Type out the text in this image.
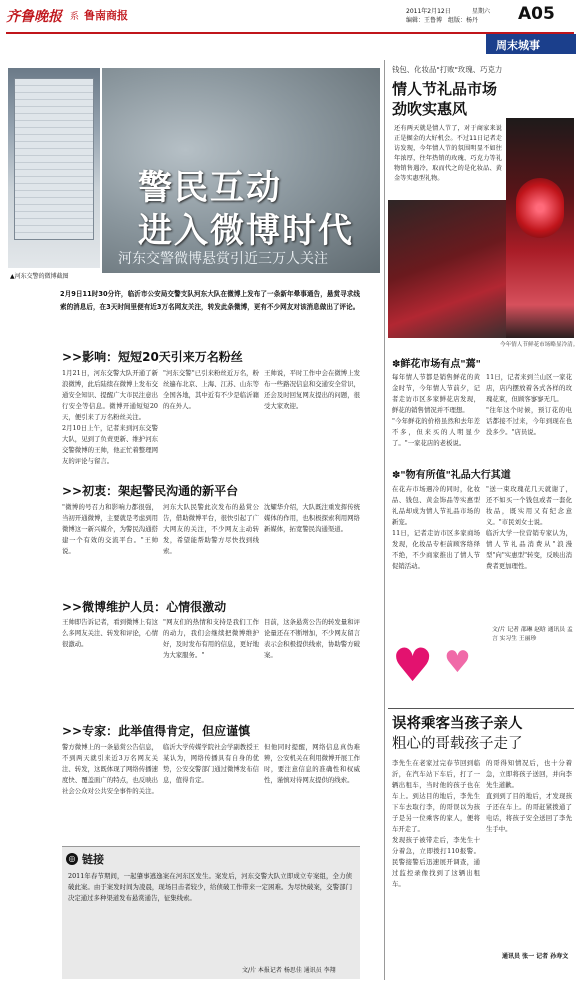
齐鲁晚报 系 鲁南商报	2011年2月12日	星期六
编辑：王鲁博　组版：杨丹 A05
周末城事
▲河东交警的微博截图
警民互动
进入微博时代
河东交警微博悬赏引近三万人关注
2月9日11时30分许，临沂市公安局交警支队河东大队在微博上发布了一条新年晕事通告，悬赏寻求线索的消息后，在3天时间里便有近3万名网友关注，转发此条微博，更有不少网友对该消息做出了评论。
>>影响：短短20天引来万名粉丝
1月21日，河东交警大队开通了新浪微博，此后陆续在微博上发布交通安全知识、提醒广大市民注意出行安全等信息。微博开通短短20天，便引来了万名粉丝关注。
2月10日上午，记者来到河东交警大队，见到了负责更新、维护河东交警微博的王帅，他正忙着整理网友的评论与留言。
"河东交警"已引来粉丝近万名，粉丝遍布北京、上海、江苏、山东等全国各地，其中近有不少是临沂籍的在外人。
王帅说，平时工作中会在微博上发布一些路况信息和交通安全常识，还会及时回复网友提出的问题，很受大家欢迎。
>>初衷：架起警民沟通的新平台
"微博的号召力和影响力都很强，当初开通微博，主要就是考虑到用微博这一新兴媒介，为警民沟通搭建一个有效的交流平台。"王帅说。
河东大队民警此次发布的悬赏公告，借助微博平台，很快引起了广大网友的关注，不少网友主动转发，希望能帮助警方尽快找到线索。
沈耀华介绍，大队既注重发挥传统媒体的作用，也积极探索利用网络新媒体，拓宽警民沟通渠道。
>>微博维护人员：心情很激动
王帅即告诉记者，看到微博上有这么多网友关注、转发和评论，心情很激动。
"网友们的热情和支持是我们工作的动力，我们会继续把微博维护好，及时发布有用的信息，更好地为大家服务。"
目前，这条悬赏公告的转发量和评论量还在不断增加，不少网友留言表示会积极提供线索，协助警方破案。
>>专家：此举值得肯定，但应谨慎
警方微博上的一条悬赏公告信息，不到两天就引来近3万名网友关注、转发，这既体现了网络传播速度快、覆盖面广的特点，也反映出社会公众对公共安全事件的关注。
临沂大学传媒学院社会学副教授王某认为，网络传播具有自身的优势，公安交警部门通过微博发布信息，值得肯定。
但他同时提醒，网络信息真伪难辨，公安机关在利用微博开展工作时，要注意信息的准确性和权威性，谨慎对待网友提供的线索。
◎ 链接
2011年春节期间，一起肇事逃逸案在河东区发生。案发后，河东交警大队立即成立专案组，全力侦破此案。由于案发时间为凌晨，现场目击者较少，给侦破工作带来一定困难。为尽快破案，交警部门决定通过多种渠道发布悬赏通告，征集线索。
文/片 本报记者 杨思佳 通讯员 李翔
钱包、化妆品"打败"玫瑰、巧克力
情人节礼品市场
劲吹实惠风
还有两天就是情人节了，对于商家来说正是掘金的大好机会。不过11日记者走访发现，今年情人节的氛围明显不如往年浓厚，往年热销的玫瑰、巧克力等礼物销售遇冷，取而代之的是化妆品、黄金等实惠型礼物。
今年情人节鲜花市场略显冷清。
✽鲜花市场有点"蔫"
每年情人节都是销售鲜花的黄金时节，今年情人节前夕，记者走访市区多家鲜花店发现，鲜花的销售情况并不理想。
"今年鲜花的价格虽然和去年差不多，但来买的人明显少了。"一家花店的老板说。
11日，记者来到兰山区一家花店，店内摆放着各式各样的玫瑰花束，但顾客寥寥无几。
"往年这个时候，预订花的电话都接不过来，今年到现在也没多少。"店员说。
✽"物有所值"礼品大行其道
在花卉市场遇冷的同时，化妆品、钱包、黄金饰品等实惠型礼品却成为情人节礼品市场的新宠。
11日，记者走访市区多家商场发现，化妆品专柜前顾客络绎不绝，不少商家推出了情人节促销活动。
"送一束玫瑰花几天就谢了，还不如买一个钱包或者一套化妆品，既实用又有纪念意义。"市民刘女士说。
临沂大学一位营销专家认为，情人节礼品消费从"浪漫型"向"实惠型"转变，反映出消费者更加理性。
文/片 记者 邵琳 赵晗 通讯员 孟言 实习生 王丽珍
♥ ♥
误将乘客当孩子亲人
粗心的哥载孩子走了
李先生在老家过完春节回到临沂，在汽车站下车后，打了一辆出租车，当时他的孩子也在车上。到达目的地后，李先生下车去取行李，的哥误以为孩子是另一位乘客的家人，便将车开走了。
发现孩子被带走后，李先生十分着急，立即拨打110报警。民警接警后迅速展开调查，通过监控录像找到了这辆出租车。
的哥得知情况后，也十分着急，立即将孩子送回，并向李先生道歉。
直到到了目的地后，才发现孩子还在车上。的哥赶紧拨通了电话，将孩子安全送回了李先生手中。
通讯员 张一 记者 孙寿文
